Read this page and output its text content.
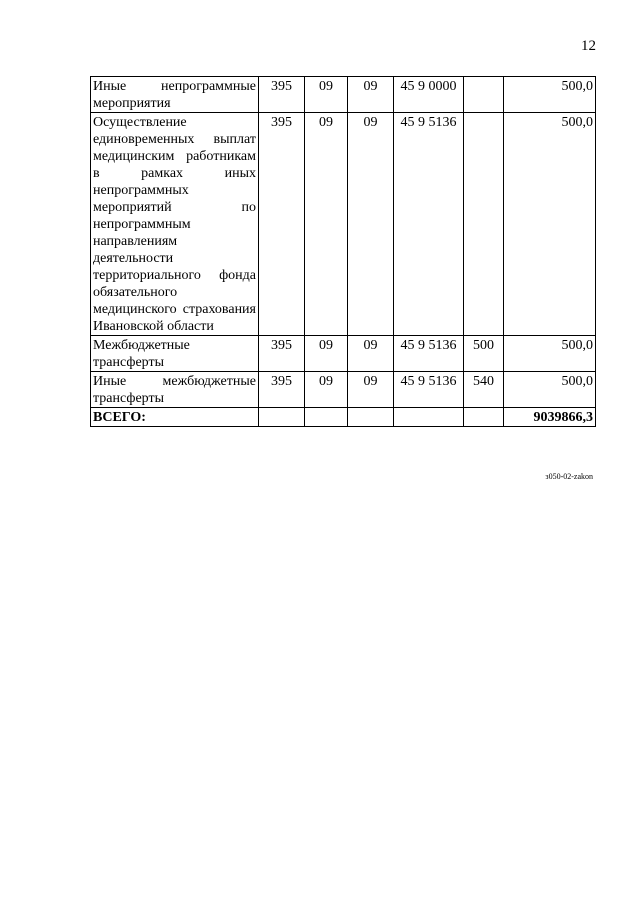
12
Иные непрограммные мероприятия	395	09	09	45 9 0000		500,0
Осуществление единовременных выплат медицинским работникам в рамках иных непрограммных мероприятий по непрограммным направлениям деятельности территориального фонда обязательного медицинского страхования Ивановской области	395	09	09	45 9 5136		500,0
Межбюджетные трансферты	395	09	09	45 9 5136	500	500,0
Иные межбюджетные трансферты	395	09	09	45 9 5136	540	500,0
ВСЕГО:						9039866,3
з050-02-zakon
